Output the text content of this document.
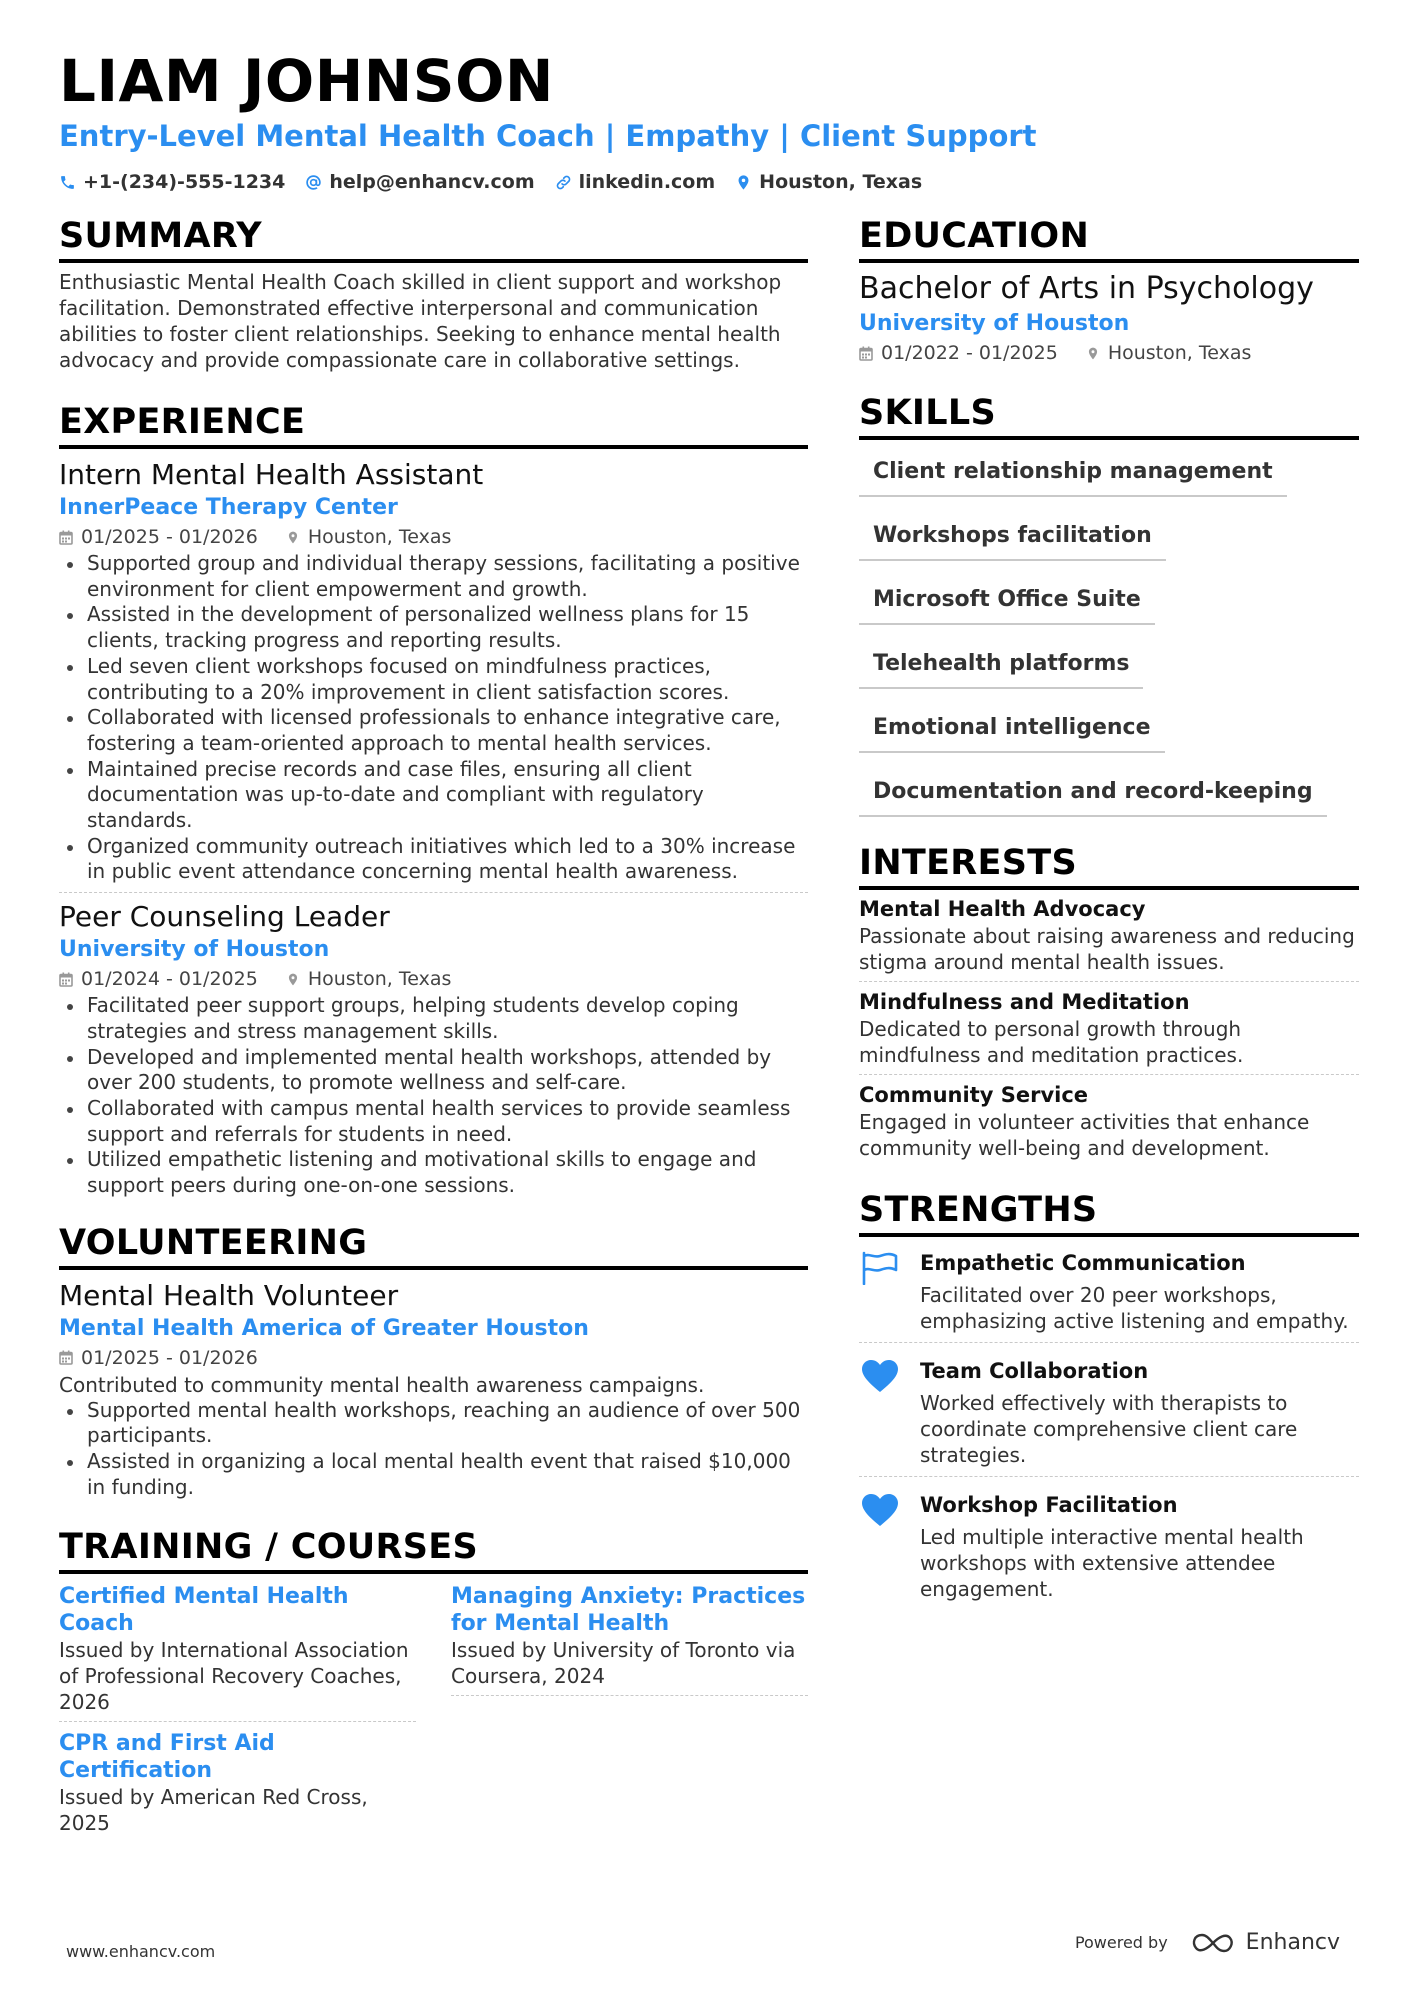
LIAM JOHNSON
Entry-Level Mental Health Coach | Empathy | Client Support
+1-(234)-555-1234 help@enhancv.com linkedin.com Houston, Texas
SUMMARY
Enthusiastic Mental Health Coach skilled in client support and workshop facilitation. Demonstrated effective interpersonal and communication abilities to foster client relationships. Seeking to enhance mental health advocacy and provide compassionate care in collaborative settings.
EXPERIENCE
Intern Mental Health Assistant
InnerPeace Therapy Center
01/2025 - 01/2026	Houston, Texas
Supported group and individual therapy sessions, facilitating a positive environment for client empowerment and growth.
Assisted in the development of personalized wellness plans for 15 clients, tracking progress and reporting results.
Led seven client workshops focused on mindfulness practices, contributing to a 20% improvement in client satisfaction scores.
Collaborated with licensed professionals to enhance integrative care, fostering a team-oriented approach to mental health services.
Maintained precise records and case files, ensuring all client documentation was up-to-date and compliant with regulatory standards.
Organized community outreach initiatives which led to a 30% increase in public event attendance concerning mental health awareness.
Peer Counseling Leader
University of Houston
01/2024 - 01/2025	Houston, Texas
Facilitated peer support groups, helping students develop coping strategies and stress management skills.
Developed and implemented mental health workshops, attended by over 200 students, to promote wellness and self-care.
Collaborated with campus mental health services to provide seamless support and referrals for students in need.
Utilized empathetic listening and motivational skills to engage and support peers during one-on-one sessions.
VOLUNTEERING
Mental Health Volunteer
Mental Health America of Greater Houston
01/2025 - 01/2026
Contributed to community mental health awareness campaigns.
Supported mental health workshops, reaching an audience of over 500 participants.
Assisted in organizing a local mental health event that raised $10,000 in funding.
TRAINING / COURSES
Certified Mental Health Coach
Issued by International Association of Professional Recovery Coaches, 2026
Managing Anxiety: Practices for Mental Health
Issued by University of Toronto via Coursera, 2024
CPR and First Aid Certification
Issued by American Red Cross, 2025
EDUCATION
Bachelor of Arts in Psychology
University of Houston
01/2022 - 01/2025	Houston, Texas
SKILLS
Client relationship management
Workshops facilitation
Microsoft Office Suite
Telehealth platforms
Emotional intelligence
Documentation and record-keeping
INTERESTS
Mental Health Advocacy
Passionate about raising awareness and reducing stigma around mental health issues.
Mindfulness and Meditation
Dedicated to personal growth through mindfulness and meditation practices.
Community Service
Engaged in volunteer activities that enhance community well-being and development.
STRENGTHS
Empathetic Communication
Facilitated over 20 peer workshops, emphasizing active listening and empathy.
Team Collaboration
Worked effectively with therapists to coordinate comprehensive client care strategies.
Workshop Facilitation
Led multiple interactive mental health workshops with extensive attendee engagement.
www.enhancv.com	Powered by	Enhancv
